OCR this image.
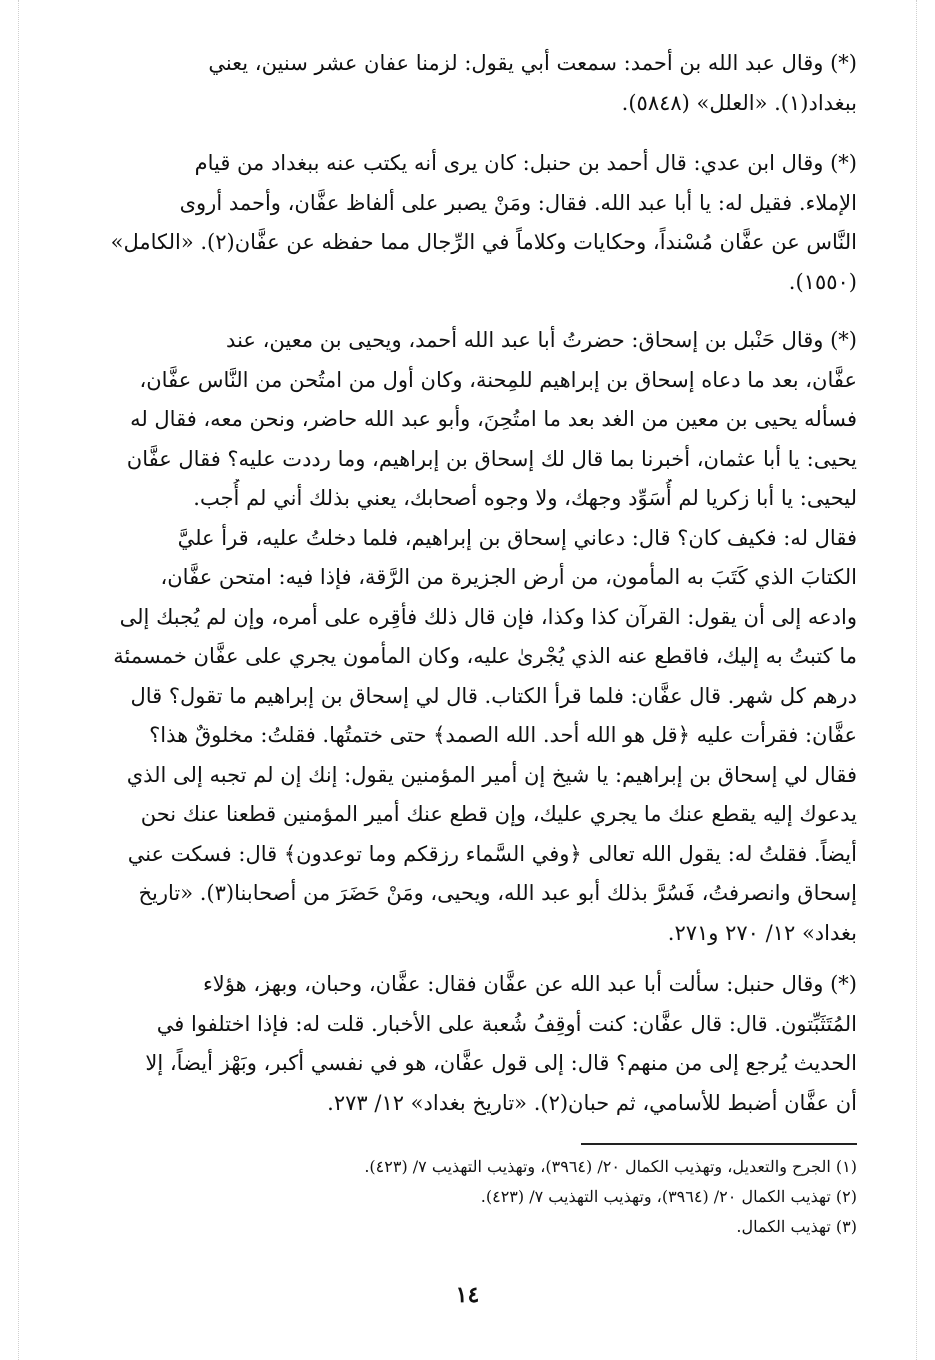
(*) وقال عبد الله بن أحمد: سمعت أبي يقول: لزمنا عفان عشر سنين، يعني
ببغداد(١). «العلل» (٥٨٤٨).
(*) وقال ابن عدي: قال أحمد بن حنبل: كان يرى أنه يكتب عنه ببغداد من قيام
الإملاء. فقيل له: يا أبا عبد الله. فقال: ومَنْ يصبر على ألفاظ عفَّان، وأحمد أروى
النَّاس عن عفَّان مُسْنداً، وحكايات وكلاماً في الرِّجال مما حفظه عن عفَّان(٢). «الكامل»
(١٥٥٠).
(*) وقال حَنْبل بن إسحاق: حضرتُ أبا عبد الله أحمد، ويحيى بن معين، عند
عفَّان، بعد ما دعاه إسحاق بن إبراهيم للمِحنة، وكان أول من امتُحن من النَّاس عفَّان،
فسأله يحيى بن معين من الغد بعد ما امتُحِنَ، وأبو عبد الله حاضر، ونحن معه، فقال له
يحيى: يا أبا عثمان، أخبرنا بما قال لك إسحاق بن إبراهيم، وما رددت عليه؟ فقال عفَّان
ليحيى: يا أبا زكريا لم أُسَوِّد وجهك، ولا وجوه أصحابك، يعني بذلك أني لم أُجب.
فقال له: فكيف كان؟ قال: دعاني إسحاق بن إبراهيم، فلما دخلتُ عليه، قرأ عليَّ
الكتابَ الذي كَتَبَ به المأمون، من أرض الجزيرة من الرَّقة، فإذا فيه: امتحن عفَّان،
وادعه إلى أن يقول: القرآن كذا وكذا، فإن قال ذلك فأقِره على أمره، وإن لم يُجبك إلى
ما كتبتُ به إليك، فاقطع عنه الذي يُجْرىٰ عليه، وكان المأمون يجري على عفَّان خمسمئة
درهم كل شهر. قال عفَّان: فلما قرأ الكتاب. قال لي إسحاق بن إبراهيم ما تقول؟ قال
عفَّان: فقرأت عليه ﴿قل هو الله أحد. الله الصمد﴾ حتى ختمتُها. فقلتُ: مخلوقٌ هذا؟
فقال لي إسحاق بن إبراهيم: يا شيخ إن أمير المؤمنين يقول: إنك إن لم تجبه إلى الذي
يدعوك إليه يقطع عنك ما يجري عليك، وإن قطع عنك أمير المؤمنين قطعنا عنك نحن
أيضاً. فقلتُ له: يقول الله تعالى ﴿وفي السَّماء رزقكم وما توعدون﴾ قال: فسكت عني
إسحاق وانصرفتُ، فَسُرَّ بذلك أبو عبد الله، ويحيى، ومَنْ حَضَرَ من أصحابنا(٣). «تاريخ
بغداد» ١٢/ ٢٧٠ و٢٧١.
(*) وقال حنبل: سألت أبا عبد الله عن عفَّان فقال: عفَّان، وحبان، وبهز، هؤلاء
المُتَثَبِّتون. قال: قال عفَّان: كنت أوقِفُ شُعبة على الأخبار. قلت له: فإذا اختلفوا في
الحديث يُرجع إلى من منهم؟ قال: إلى قول عفَّان، هو في نفسي أكبر، وبَهْز أيضاً، إلا
أن عفَّان أضبط للأسامي، ثم حبان(٢). «تاريخ بغداد» ١٢/ ٢٧٣.
(١) الجرح والتعديل، وتهذيب الكمال ٢٠/ (٣٩٦٤)، وتهذيب التهذيب ٧/ (٤٢٣).
(٢) تهذيب الكمال ٢٠/ (٣٩٦٤)، وتهذيب التهذيب ٧/ (٤٢٣).
(٣) تهذيب الكمال.
١٤
